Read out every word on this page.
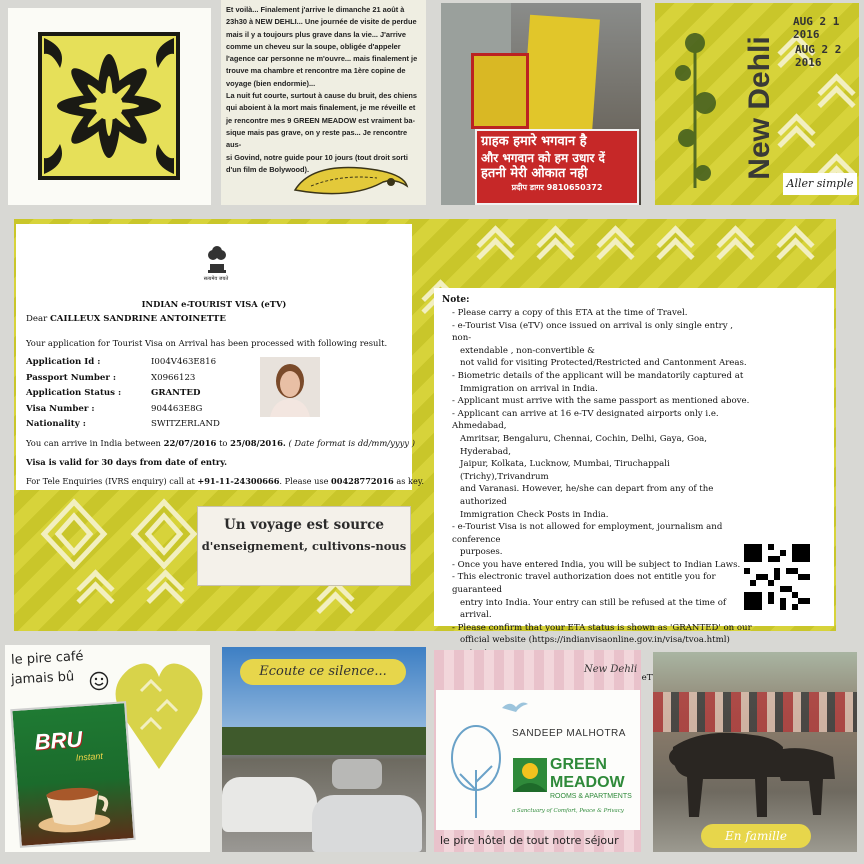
Et voilà... Finalement j'arrive le dimanche 21 août à
23h30 à NEW DEHLI... Une journée de visite de perdue
mais il y a toujours plus grave dans la vie... J'arrive
comme un cheveu sur la soupe, obligée d'appeler
l'agence car personne ne m'ouvre... mais finalement je
trouve ma chambre et rencontre ma 1ère copine de
voyage (bien endormie)...
La nuit fut courte, surtout à cause du bruit, des chiens
qui aboient à la mort mais finalement, je me réveille et
je rencontre mes 9 GREEN MEADOW est vraiment ba-
sique mais pas grave, on y reste pas... Je rencontre aus-
si Govind, notre guide pour 10 jours (tout droit sorti
d'un film de Bolywood).
ग्राहक हमारे भगवान है
और भगवान को हम उधार दें
हतनी मेरी ओकात नही
प्रदीप डागर 9810650372
New Dehli
AUG 2 1 2016
AUG 2 2 2016
Aller simple
सत्यमेव जयते
INDIAN e-TOURIST VISA (eTV)
Dear CAILLEUX SANDRINE ANTOINETTE
Your application for Tourist Visa on Arrival has been processed with following result.
Application Id :	I004V463E816
Passport Number :	X0966123
Application Status :	GRANTED
Visa Number :	904463E8G
Nationality :	SWITZERLAND
You can arrive in India between 22/07/2016 to 25/08/2016. ( Date format is dd/mm/yyyy )
Visa is valid for 30 days from date of entry.
For Tele Enquiries (IVRS enquiry) call at +91-11-24300666. Please use 00428772016 as key.
Un voyage est source
d'enseignement, cultivons-nous
Note:

- Please carry a copy of this ETA at the time of Travel.

- e-Tourist Visa (eTV) once issued on arrival is only single entry , non-

extendable , non-convertible &

not valid for visiting Protected/Restricted and Cantonment Areas.

- Biometric details of the applicant will be mandatorily captured at

Immigration on arrival in India.

- Applicant must arrive with the same passport as mentioned above.

- Applicant can arrive at 16 e-TV designated airports only i.e. Ahmedabad,

Amritsar, Bengaluru, Chennai, Cochin, Delhi, Gaya, Goa, Hyderabad,

Jaipur, Kolkata, Lucknow, Mumbai, Tiruchappali (Trichy),Trivandrum

and Varanasi. However, he/she can depart from any of the authorized

Immigration Check Posts in India.

- e-Tourist Visa is not allowed for employment, journalism and conference

purposes.

- Once you have entered India, you will be subject to Indian Laws.

- This electronic travel authorization does not entitle you for guaranteed

entry into India. Your entry can still be refused at the time of arrival.

- Please confirm that your ETA status is shown as 'GRANTED' on our

official website (https://indianvisaonline.gov.in/visa/tvoa.html)

(eTV)

le pire café
jamais bû
BRU
Instant
Ecoute ce silence...	New Dehli
SANDEEP MALHOTRA
GREEN
MEADOW
ROOMS & APARTMENTS
a Sanctuary of Comfort, Peace & Privacy
le pire hôtel de tout notre séjour	En famille
